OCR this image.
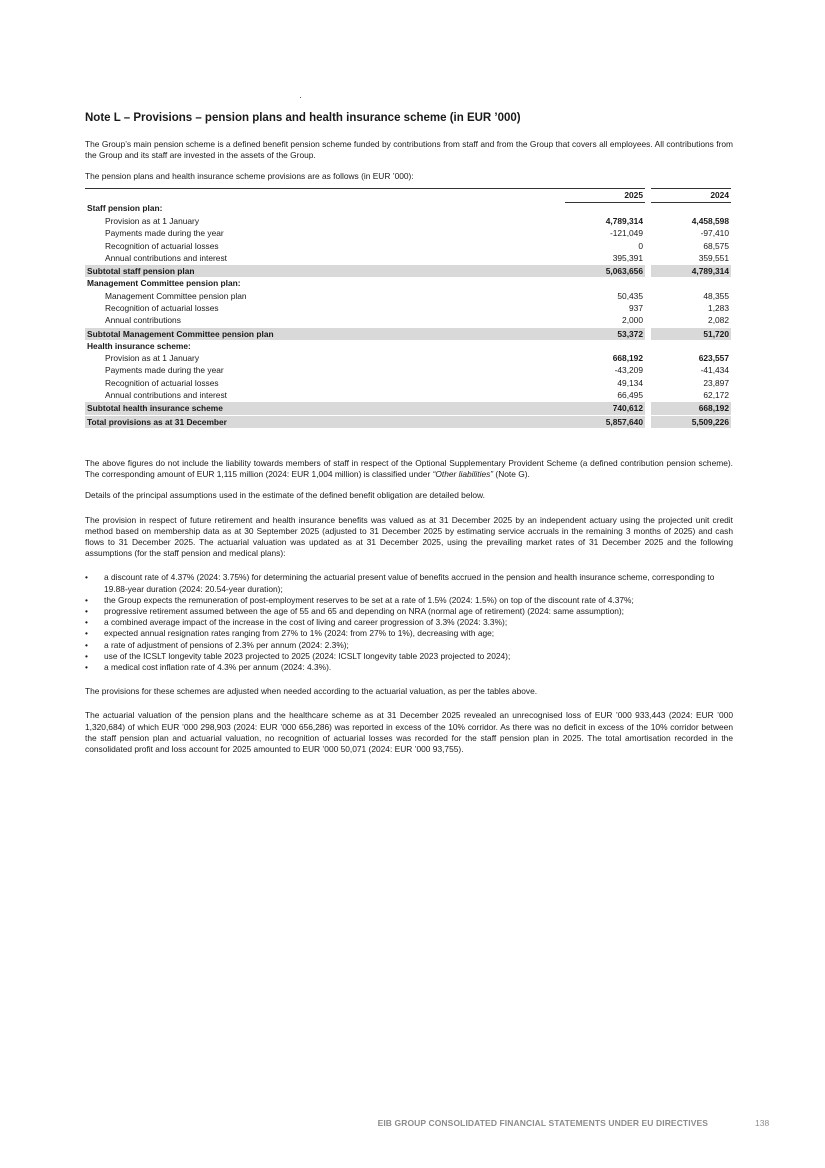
Note L – Provisions – pension plans and health insurance scheme (in EUR ’000)

The Group’s main pension scheme is a defined benefit pension scheme funded by contributions from staff and from the Group that covers all employees. All contributions from the Group and its staff are invested in the assets of the Group.

The pension plans and health insurance scheme provisions are as follows (in EUR ’000):

	2025		2024
Staff pension plan:			
Provision as at 1 January	4,789,314		4,458,598
Payments made during the year	-121,049		-97,410
Recognition of actuarial losses	0		68,575
Annual contributions and interest	395,391		359,551
Subtotal staff pension plan	5,063,656		4,789,314
Management Committee pension plan:			
Management Committee pension plan	50,435		48,355
Recognition of actuarial losses	937		1,283
Annual contributions	2,000		2,082
Subtotal Management Committee pension plan	53,372		51,720
Health insurance scheme:			
Provision as at 1 January	668,192		623,557
Payments made during the year	-43,209		-41,434
Recognition of actuarial losses	49,134		23,897
Annual contributions and interest	66,495		62,172
Subtotal health insurance scheme	740,612		668,192
Total provisions as at 31 December	5,857,640		5,509,226

The above figures do not include the liability towards members of staff in respect of the Optional Supplementary Provident Scheme (a defined contribution pension scheme). The corresponding amount of EUR 1,115 million (2024: EUR 1,004 million) is classified under “Other liabilities” (Note G).

Details of the principal assumptions used in the estimate of the defined benefit obligation are detailed below.

The provision in respect of future retirement and health insurance benefits was valued as at 31 December 2025 by an independent actuary using the projected unit credit method based on membership data as at 30 September 2025 (adjusted to 31 December 2025 by estimating service accruals in the remaining 3 months of 2025) and cash flows to 31 December 2025. The actuarial valuation was updated as at 31 December 2025, using the prevailing market rates of 31 December 2025 and the following assumptions (for the staff pension and medical plans):

• a discount rate of 4.37% (2024: 3.75%) for determining the actuarial present value of benefits accrued in the pension and health insurance scheme, corresponding to 19.88-year duration (2024: 20.54-year duration);
• the Group expects the remuneration of post-employment reserves to be set at a rate of 1.5% (2024: 1.5%) on top of the discount rate of 4.37%;
• progressive retirement assumed between the age of 55 and 65 and depending on NRA (normal age of retirement) (2024: same assumption);
• a combined average impact of the increase in the cost of living and career progression of 3.3% (2024: 3.3%);
• expected annual resignation rates ranging from 27% to 1% (2024: from 27% to 1%), decreasing with age;
• a rate of adjustment of pensions of 2.3% per annum (2024: 2.3%);
• use of the ICSLT longevity table 2023 projected to 2025 (2024: ICSLT longevity table 2023 projected to 2024);
• a medical cost inflation rate of 4.3% per annum (2024: 4.3%).

The provisions for these schemes are adjusted when needed according to the actuarial valuation, as per the tables above.

The actuarial valuation of the pension plans and the healthcare scheme as at 31 December 2025 revealed an unrecognised loss of EUR ’000 933,443 (2024: EUR ’000 1,320,684) of which EUR ’000 298,903 (2024: EUR ’000 656,286) was reported in excess of the 10% corridor. As there was no deficit in excess of the 10% corridor between the staff pension plan and actuarial valuation, no recognition of actuarial losses was recorded for the staff pension plan in 2025. The total amortisation recorded in the consolidated profit and loss account for 2025 amounted to EUR ’000 50,071 (2024: EUR ’000 93,755).

EIB GROUP CONSOLIDATED FINANCIAL STATEMENTS UNDER EU DIRECTIVES	138
